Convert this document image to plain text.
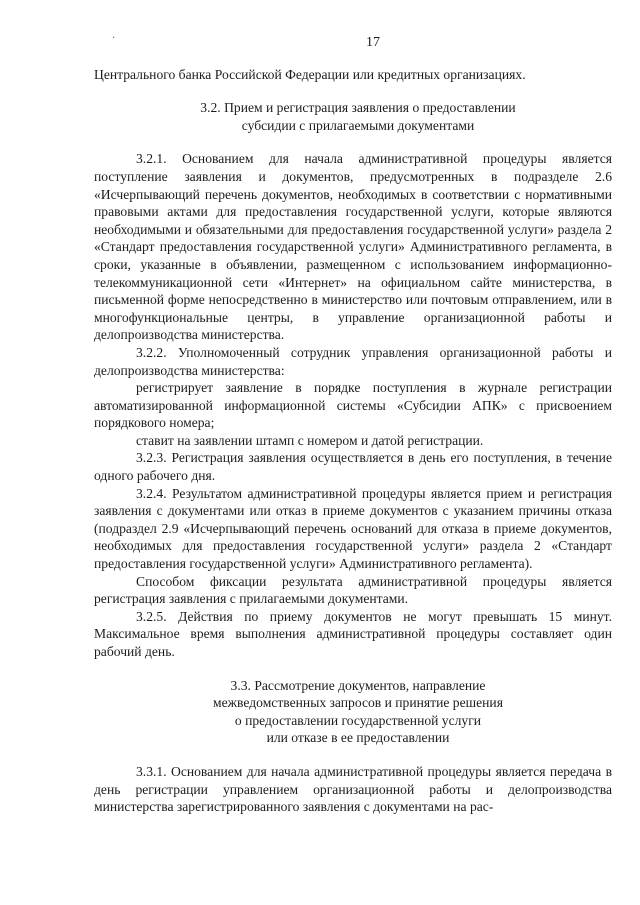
·	17

Центрального банка Российской Федерации или кредитных организациях.

3.2. Прием и регистрация заявления о предоставлении
субсидии с прилагаемыми документами

3.2.1. Основанием для начала административной процедуры является поступление заявления и документов, предусмотренных в подразделе 2.6 «Исчерпывающий перечень документов, необходимых в соответствии с нормативными правовыми актами для предоставления государственной услуги, которые являются необходимыми и обязательными для предоставления государственной услуги» раздела 2 «Стандарт предоставления государственной услуги» Административного регламента, в сроки, указанные в объявлении, размещенном с использованием информационно-телекоммуникационной сети «Интернет» на официальном сайте министерства, в письменной форме непосредственно в министерство или почтовым отправлением, или в многофункциональные центры, в управление организационной работы и делопроизводства министерства.

3.2.2. Уполномоченный сотрудник управления организационной работы и делопроизводства министерства:

регистрирует заявление в порядке поступления в журнале регистрации автоматизированной информационной системы «Субсидии АПК» с присвоением порядкового номера;

ставит на заявлении штамп с номером и датой регистрации.

3.2.3. Регистрация заявления осуществляется в день его поступления, в течение одного рабочего дня.

3.2.4. Результатом административной процедуры является прием и регистрация заявления с документами или отказ в приеме документов с указанием причины отказа (подраздел 2.9 «Исчерпывающий перечень оснований для отказа в приеме документов, необходимых для предоставления государственной услуги» раздела 2 «Стандарт предоставления государственной услуги» Административного регламента).

Способом фиксации результата административной процедуры является регистрация заявления с прилагаемыми документами.

3.2.5. Действия по приему документов не могут превышать 15 минут. Максимальное время выполнения административной процедуры составляет один рабочий день.

3.3. Рассмотрение документов, направление
межведомственных запросов и принятие решения
о предоставлении государственной услуги
или отказе в ее предоставлении

3.3.1. Основанием для начала административной процедуры является передача в день регистрации управлением организационной работы и делопроизводства министерства зарегистрированного заявления с документами на рас-
